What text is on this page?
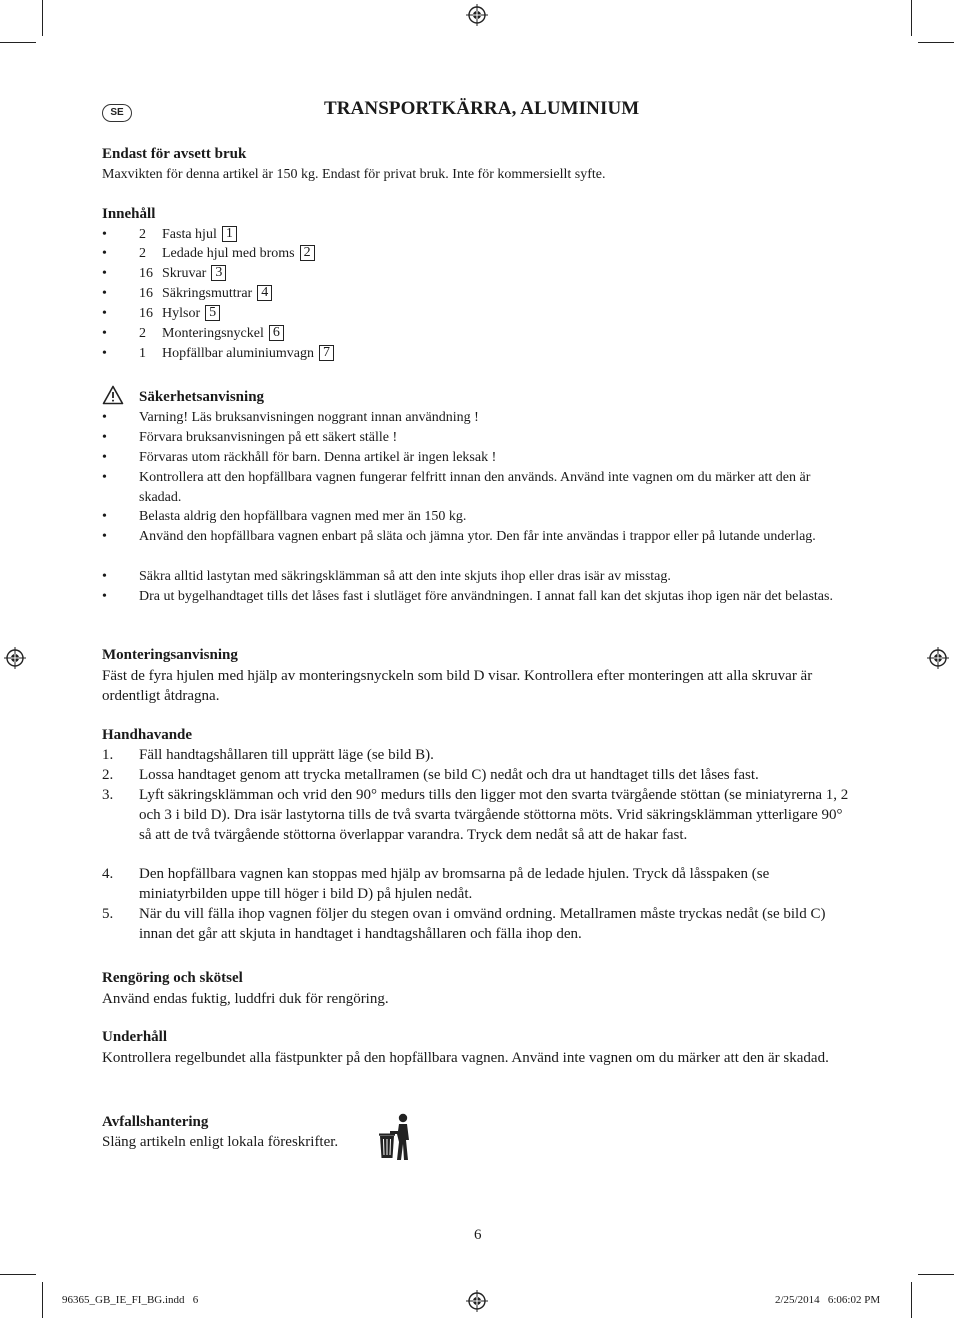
SE	TRANSPORTKÄRRA, ALUMINIUM
Endast för avsett bruk
Maxvikten för denna artikel är 150 kg. Endast för privat bruk. Inte för kommersiellt syfte.
Innehåll
• 2 Fasta hjul 1
• 2 Ledade hjul med broms 2
• 16 Skruvar 3
• 16 Säkringsmuttrar 4
• 16 Hylsor 5
• 2 Monteringsnyckel 6
• 1 Hopfällbar aluminiumvagn 7
Säkerhetsanvisning
• Varning! Läs bruksanvisningen noggrant innan användning !
• Förvara bruksanvisningen på ett säkert ställe !
• Förvaras utom räckhåll för barn. Denna artikel är ingen leksak !
• Kontrollera att den hopfällbara vagnen fungerar felfritt innan den används. Använd inte vagnen om du märker att den är skadad.
• Belasta aldrig den hopfällbara vagnen med mer än 150 kg.
• Använd den hopfällbara vagnen enbart på släta och jämna ytor. Den får inte användas i trappor eller på lutande underlag.
• Säkra alltid lastytan med säkringsklämman så att den inte skjuts ihop eller dras isär av misstag.
• Dra ut bygelhandtaget tills det låses fast i slutläget före användningen. I annat fall kan det skjutas ihop igen när det belastas.
Monteringsanvisning
Fäst de fyra hjulen med hjälp av monteringsnyckeln som bild D visar. Kontrollera efter monteringen att alla skruvar är ordentligt åtdragna.
Handhavande
1. Fäll handtagshållaren till upprätt läge (se bild B).
2. Lossa handtaget genom att trycka metallramen (se bild C) nedåt och dra ut handtaget tills det låses fast.
3. Lyft säkringsklämman och vrid den 90° medurs tills den ligger mot den svarta tvärgående stöttan (se miniatyrerna 1, 2 och 3 i bild D). Dra isär lastytorna tills de två svarta tvärgående stöttorna möts. Vrid säkringsklämman ytterligare 90° så att de två tvärgående stöttorna överlappar varandra. Tryck dem nedåt så att de hakar fast.
4. Den hopfällbara vagnen kan stoppas med hjälp av bromsarna på de ledade hjulen. Tryck då låsspaken (se miniatyrbilden uppe till höger i bild D) på hjulen nedåt.
5. När du vill fälla ihop vagnen följer du stegen ovan i omvänd ordning. Metallramen måste tryckas nedåt (se bild C) innan det går att skjuta in handtaget i handtagshållaren och fälla ihop den.
Rengöring och skötsel
Använd endas fuktig, luddfri duk för rengöring.
Underhåll
Kontrollera regelbundet alla fästpunkter på den hopfällbara vagnen. Använd inte vagnen om du märker att den är skadad.
Avfallshantering
Släng artikeln enligt lokala föreskrifter.
6
96365_GB_IE_FI_BG.indd   6	2/25/2014   6:06:02 PM
